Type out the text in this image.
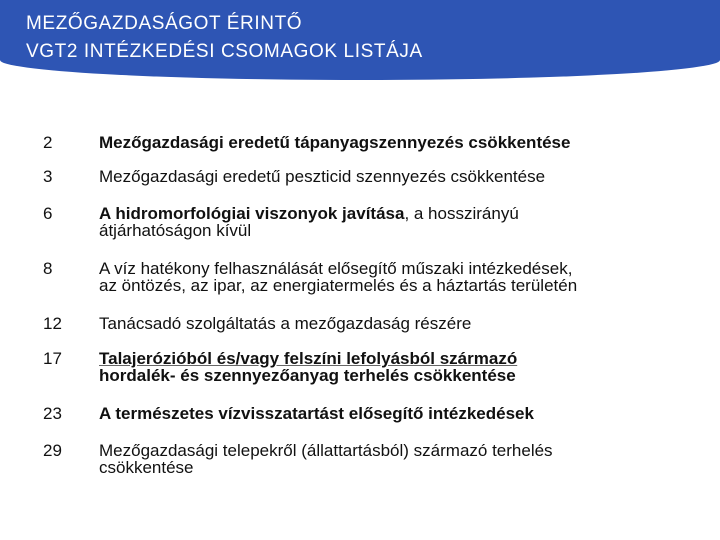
MEZŐGAZDASÁGOT ÉRINTŐ
VGT2 INTÉZKEDÉSI CSOMAGOK LISTÁJA
2	Mezőgazdasági eredetű tápanyagszennyezés csökkentése
3	Mezőgazdasági eredetű peszticid szennyezés csökkentése
6	A hidromorfológiai viszonyok javítása, a hosszirányú
átjárhatóságon kívül
8	A víz hatékony felhasználását elősegítő műszaki intézkedések,
az öntözés, az ipar, az energiatermelés és a háztartás területén
12 Tanácsadó szolgáltatás a mezőgazdaság részére
17 Talajerózióból és/vagy felszíni lefolyásból származó
hordalék- és szennyezőanyag terhelés csökkentése
23 A természetes vízvisszatartást elősegítő intézkedések
29 Mezőgazdasági telepekről (állattartásból) származó terhelés
csökkentése
